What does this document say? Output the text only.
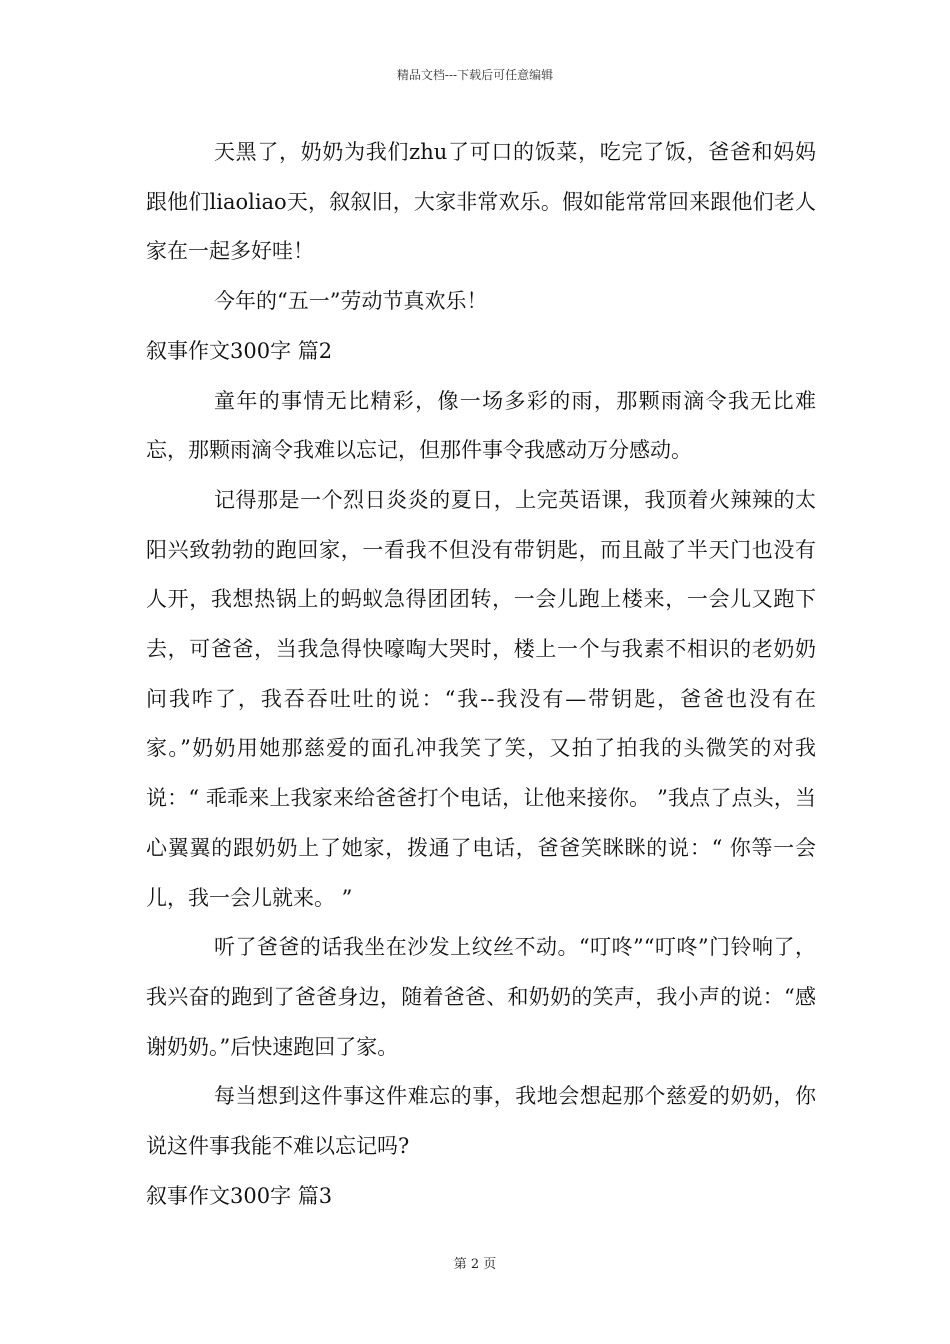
精品文档---下载后可任意编辑

天黑了，奶奶为我们zhu了可口的饭菜，吃完了饭，爸爸和妈妈跟他们liaoliao天，叙叙旧，大家非常欢乐。假如能常常回来跟他们老人家在一起多好哇！

今年的“五一”劳动节真欢乐！

叙事作文300字 篇2

童年的事情无比精彩，像一场多彩的雨，那颗雨滴令我无比难忘，那颗雨滴令我难以忘记，但那件事令我感动万分感动。

记得那是一个烈日炎炎的夏日，上完英语课，我顶着火辣辣的太阳兴致勃勃的跑回家，一看我不但没有带钥匙，而且敲了半天门也没有人开，我想热锅上的蚂蚁急得团团转，一会儿跑上楼来，一会儿又跑下去，可爸爸，当我急得快嚎啕大哭时，楼上一个与我素不相识的老奶奶问我咋了，我吞吞吐吐的说：“我--我没有—带钥匙，爸爸也没有在家。”奶奶用她那慈爱的面孔冲我笑了笑，又拍了拍我的头微笑的对我说：“ 乖乖来上我家来给爸爸打个电话，让他来接你。 ”我点了点头，当心翼翼的跟奶奶上了她家，拨通了电话，爸爸笑眯眯的说：“ 你等一会儿，我一会儿就来。 ”

听了爸爸的话我坐在沙发上纹丝不动。“叮咚”“叮咚”门铃响了，我兴奋的跑到了爸爸身边，随着爸爸、和奶奶的笑声，我小声的说：“感谢奶奶。”后快速跑回了家。

每当想到这件事这件难忘的事，我地会想起那个慈爱的奶奶，你说这件事我能不难以忘记吗?

叙事作文300字 篇3

第 2 页
